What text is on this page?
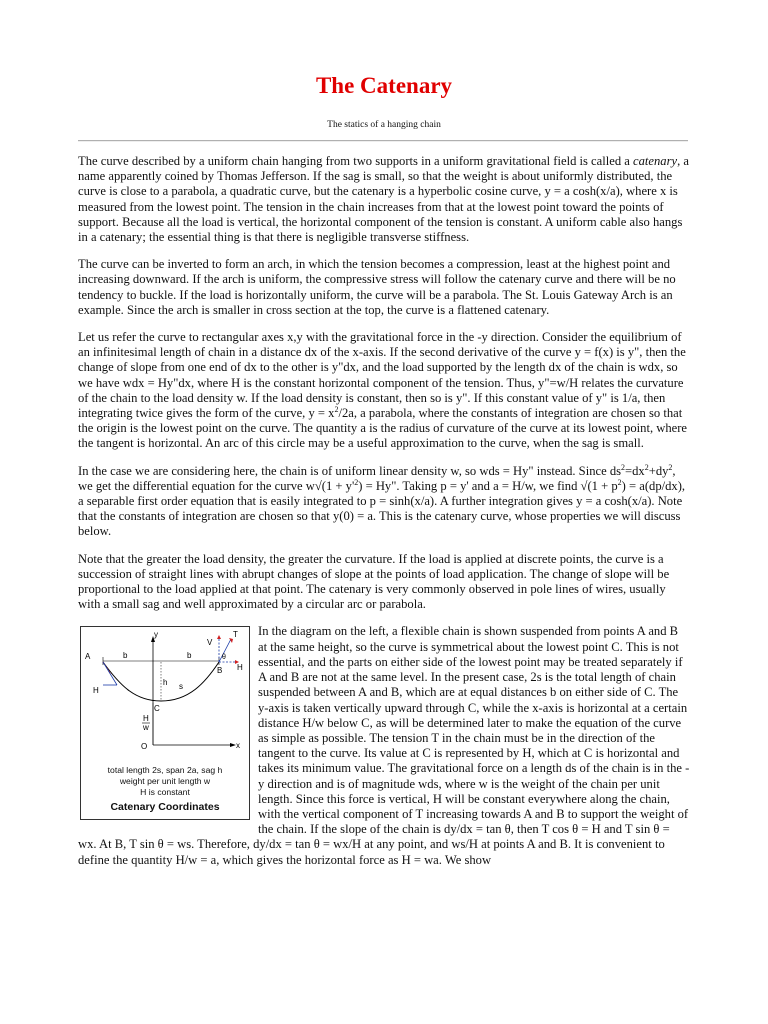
The Catenary
The statics of a hanging chain

The curve described by a uniform chain hanging from two supports in a uniform gravitational field is called a catenary, a name apparently coined by Thomas Jefferson. If the sag is small, so that the weight is about uniformly distributed, the curve is close to a parabola, a quadratic curve, but the catenary is a hyperbolic cosine curve, y = a cosh(x/a), where x is measured from the lowest point. The tension in the chain increases from that at the lowest point toward the points of support. Because all the load is vertical, the horizontal component of the tension is constant. A uniform cable also hangs in a catenary; the essential thing is that there is negligible transverse stiffness.

The curve can be inverted to form an arch, in which the tension becomes a compression, least at the highest point and increasing downward. If the arch is uniform, the compressive stress will follow the catenary curve and there will be no tendency to buckle. If the load is horizontally uniform, the curve will be a parabola. The St. Louis Gateway Arch is an example. Since the arch is smaller in cross section at the top, the curve is a flattened catenary.

Let us refer the curve to rectangular axes x,y with the gravitational force in the -y direction. Consider the equilibrium of an infinitesimal length of chain in a distance dx of the x-axis. If the second derivative of the curve y = f(x) is y", then the change of slope from one end of dx to the other is y"dx, and the load supported by the length dx of the chain is wdx, so we have wdx = Hy"dx, where H is the constant horizontal component of the tension. Thus, y"=w/H relates the curvature of the chain to the load density w. If the load density is constant, then so is y". If this constant value of y" is 1/a, then integrating twice gives the form of the curve, $y = x^2/2a$, a parabola, where the constants of integration are chosen so that the origin is the lowest point on the curve. The quantity a is the radius of curvature of the curve at its lowest point, where the tangent is horizontal. An arc of this circle may be a useful approximation to the curve, when the sag is small.

In the case we are considering here, the chain is of uniform linear density w, so wds = Hy" instead. Since $ds^2=dx^2+dy^2$, we get the differential equation for the curve $w√(1 + y'^2) = Hy$". Taking p = y' and a = H/w, we find $√(1 + p^2) = a(dp/dx)$, a separable first order equation that is easily integrated to p = sinh(x/a). A further integration gives y = a cosh(x/a). Note that the constants of integration are chosen so that y(0) = a. This is the catenary curve, whose properties we will discuss below.

Note that the greater the load density, the greater the curvature. If the load is applied at discrete points, the curve is a succession of straight lines with abrupt changes of slope at the points of load application. The change of slope will be proportional to the load applied at that point. The catenary is very commonly observed in pole lines of wires, usually with a small sag and well approximated by a circular arc or parabola.

y	T
V
θ
H
A
B
b	b
C
h s
H
H
w
O	x
total length 2s, span 2a, sag h
weight per unit length w
H is constant
Catenary Coordinates

In the diagram on the left, a flexible chain is shown suspended from points A and B at the same height, so the curve is symmetrical about the lowest point C. This is not essential, and the parts on either side of the lowest point may be treated separately if A and B are not at the same level. In the present case, 2s is the total length of chain suspended between A and B, which are at equal distances b on either side of C. The y-axis is taken vertically upward through C, while the x-axis is horizontal at a certain distance H/w below C, as will be determined later to make the equation of the curve as simple as possible. The tension T in the chain must be in the direction of the tangent to the curve. Its value at C is represented by H, which at C is horizontal and takes its minimum value. The gravitational force on a length ds of the chain is in the -y direction and is of magnitude wds, where w is the weight of the chain per unit length. Since this force is vertical, H will be constant everywhere along the chain, with the vertical component of T increasing towards A and B to support the weight of the chain. If the slope of the chain is dy/dx = tan θ, then T cos θ = H and T sin θ = wx. At B, T sin θ = ws. Therefore, dy/dx = tan θ = wx/H at any point, and ws/H at points A and B. It is convenient to define the quantity H/w = a, which gives the horizontal force as H = wa. We show
